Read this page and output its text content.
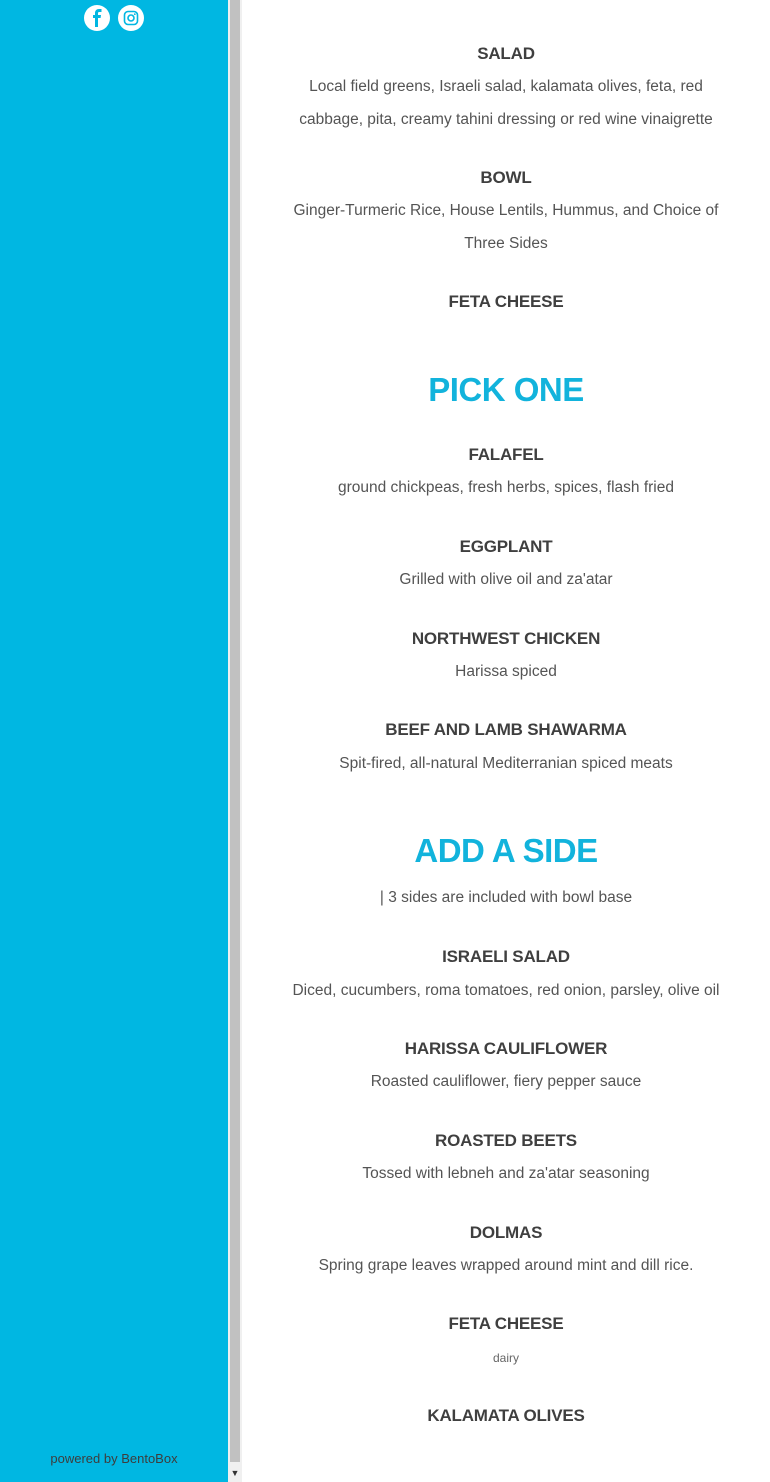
powered by BentoBox
▼

SALAD

Local field greens, Israeli salad, kalamata olives, feta, red cabbage, pita, creamy tahini dressing or red wine vinaigrette

BOWL

Ginger-Turmeric Rice, House Lentils, Hummus, and Choice of Three Sides

FETA CHEESE
PICK ONE
FALAFEL

ground chickpeas, fresh herbs, spices, flash fried

EGGPLANT

Grilled with olive oil and za'atar

NORTHWEST CHICKEN

Harissa spiced

BEEF AND LAMB SHAWARMA

Spit-fired, all-natural Mediterranian spiced meats

ADD A SIDE

| 3 sides are included with bowl base

ISRAELI SALAD

Diced, cucumbers, roma tomatoes, red onion, parsley, olive oil

HARISSA CAULIFLOWER

Roasted cauliflower, fiery pepper sauce

ROASTED BEETS

Tossed with lebneh and za'atar seasoning

DOLMAS

Spring grape leaves wrapped around mint and dill rice.

FETA CHEESE

dairy

KALAMATA OLIVES
